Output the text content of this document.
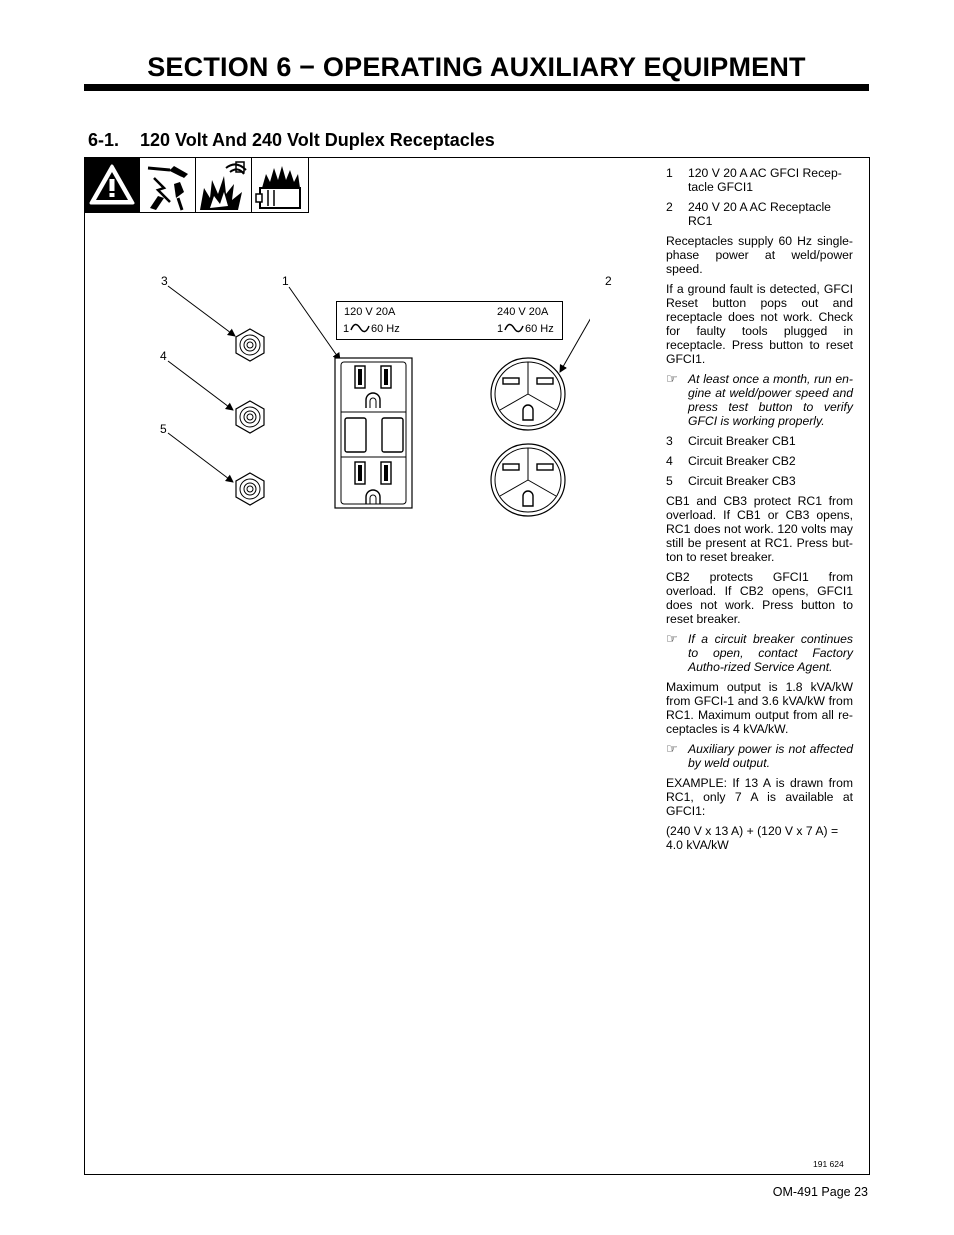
SECTION 6 − OPERATING AUXILIARY EQUIPMENT
6-1. 120 Volt And 240 Volt Duplex Receptacles
3	1	2
4
5
120 V 20A
1 60 Hz
240 V 20A
1 60 Hz
1	120 V 20 A AC GFCI Recep-tacle GFCI1
2	240 V 20 A AC Receptacle RC1

Receptacles supply 60 Hz single-phase power at weld/power speed.

If a ground fault is detected, GFCI Reset button pops out and receptacle does not work. Check for faulty tools plugged in receptacle. Press button to reset GFCI1.

☞ At least once a month, run en-gine at weld/power speed and press test button to verify GFCI is working properly.
3	Circuit Breaker CB1
4	Circuit Breaker CB2
5	Circuit Breaker CB3

CB1 and CB3 protect RC1 from overload. If CB1 or CB3 opens, RC1 does not work. 120 volts may still be present at RC1. Press but-ton to reset breaker.

CB2 protects GFCI1 from overload. If CB2 opens, GFCI1 does not work. Press button to reset breaker.

☞ If a circuit breaker continues to open, contact Factory Autho-rized Service Agent.

Maximum output is 1.8 kVA/kW from GFCI-1 and 3.6 kVA/kW from RC1. Maximum output from all re-ceptacles is 4 kVA/kW.

☞ Auxiliary power is not affected by weld output.

EXAMPLE: If 13 A is drawn from RC1, only 7 A is available at GFCI1:

(240 V x 13 A) + (120 V x 7 A) = 4.0 kVA/kW

191 624
OM-491 Page 23
